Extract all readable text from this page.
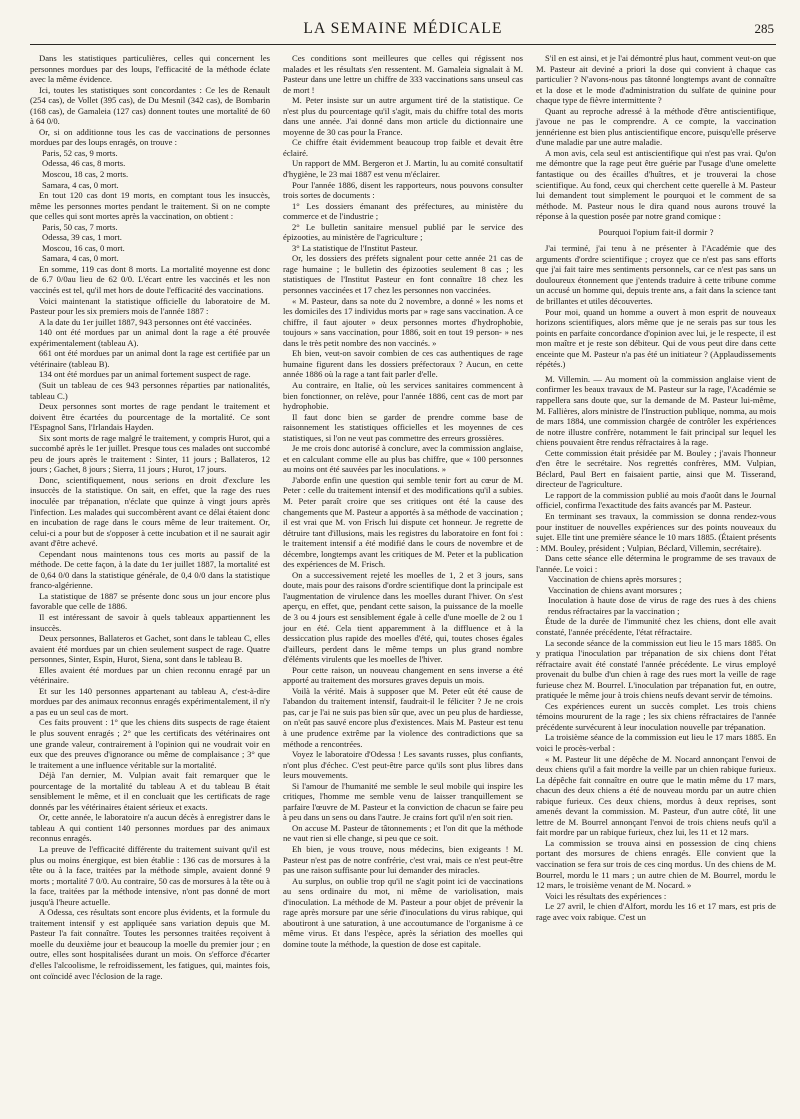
LA SEMAINE MÉDICALE	285

Dans les statistiques particulières, celles qui concernent les personnes mordues par des loups, l'efficacité de la méthode éclate avec la même évidence.

Ici, toutes les statistiques sont concordantes : Ce les de Renault (254 cas), de Vollet (395 cas), de Du Mesnil (342 cas), de Bombarin (168 cas), de Gamaleia (127 cas) donnent toutes une mortalité de 60 à 64 0/0.

Or, si on additionne tous les cas de vaccinations de personnes mordues par des loups enragés, on trouve :

Paris, 52 cas, 9 morts.

Odessa, 46 cas, 8 morts.

Moscou, 18 cas, 2 morts.

Samara, 4 cas, 0 mort.

En tout 120 cas dont 19 morts, en comptant tous les insuccès, même les personnes mortes pendant le traitement. Si on ne compte que celles qui sont mortes après la vaccination, on obtient :

Paris, 50 cas, 7 morts.

Odessa, 39 cas, 1 mort.

Moscou, 16 cas, 0 mort.

Samara, 4 cas, 0 mort.

En somme, 119 cas dont 8 morts. La mortalité moyenne est donc de 6.7 0/0au lieu de 62 0/0. L'écart entre les vaccinés et les non vaccinés est tel, qu'il met hors de doute l'efficacité des vaccinations.

Voici maintenant la statistique officielle du laboratoire de M. Pasteur pour les six premiers mois de l'année 1887 :

A la date du 1er juillet 1887, 943 personnes ont été vaccinées.

140 ont été mordues par un animal dont la rage a été prouvée expérimentalement (tableau A).

661 ont été mordues par un animal dont la rage est certifiée par un vétérinaire (tableau B).

134 ont été mordues par un animal fortement suspect de rage.

(Suit un tableau de ces 943 personnes réparties par nationalités, tableau C.)

Deux personnes sont mortes de rage pendant le traitement et doivent être écartées du pourcentage de la mortalité. Ce sont l'Espagnol Sans, l'Irlandais Hayden.

Six sont morts de rage malgré le traitement, y compris Hurot, qui a succombé après le 1er juillet. Presque tous ces malades ont succombé peu de jours après le traitement : Sinter, 11 jours ; Ballateros, 12 jours ; Gachet, 8 jours ; Sierra, 11 jours ; Hurot, 17 jours.

Donc, scientifiquement, nous serions en droit d'exclure les insuccès de la statistique. On sait, en effet, que la rage des rues inoculée par trépanation, n'éclate que quinze à vingt jours après l'infection. Les malades qui succombèrent avant ce délai étaient donc en incubation de rage dans le cours même de leur traitement. Or, celui-ci a pour but de s'opposer à cette incubation et il ne saurait agir avant d'être achevé.

Cependant nous maintenons tous ces morts au passif de la méthode. De cette façon, à la date du 1er juillet 1887, la mortalité est de 0,64 0/0 dans la statistique générale, de 0,4 0/0 dans la statistique franco-algérienne.

La statistique de 1887 se présente donc sous un jour encore plus favorable que celle de 1886.

Il est intéressant de savoir à quels tableaux appartiennent les insuccès.

Deux personnes, Ballateros et Gachet, sont dans le tableau C, elles avaient été mordues par un chien seulement suspect de rage. Quatre personnes, Sinter, Espin, Hurot, Siena, sont dans le tableau B.

Elles avaient été mordues par un chien reconnu enragé par un vétérinaire.

Et sur les 140 personnes appartenant au tableau A, c'est-à-dire mordues par des animaux reconnus enragés expérimentalement, il n'y a pas eu un seul cas de mort.

Ces faits prouvent : 1° que les chiens dits suspects de rage étaient le plus souvent enragés ; 2° que les certificats des vétérinaires ont une grande valeur, contrairement à l'opinion qui ne voudrait voir en eux que des preuves d'ignorance ou même de complaisance ; 3° que le traitement a une influence véritable sur la mortalité.

Déjà l'an dernier, M. Vulpian avait fait remarquer que le pourcentage de la mortalité du tableau A et du tableau B était sensiblement le même, et il en concluait que les certificats de rage donnés par les vétérinaires étaient sérieux et exacts.

Or, cette année, le laboratoire n'a aucun décès à enregistrer dans le tableau A qui contient 140 personnes mordues par des animaux reconnus enragés.

La preuve de l'efficacité différente du traitement suivant qu'il est plus ou moins énergique, est bien établie : 136 cas de morsures à la tête ou à la face, traitées par la méthode simple, avaient donné 9 morts ; mortalité 7 0/0. Au contraire, 50 cas de morsures à la tête ou à la face, traitées par la méthode intensive, n'ont pas donné de mort jusqu'à l'heure actuelle.

A Odessa, ces résultats sont encore plus évidents, et la formule du traitement intensif y est appliquée sans variation depuis que M. Pasteur l'a fait connaître. Toutes les personnes traitées reçoivent à moelle du deuxième jour et beaucoup la moelle du premier jour ; en outre, elles sont hospitalisées durant un mois. On s'efforce d'écarter d'elles l'alcoolisme, le refroidissement, les fatigues, qui, maintes fois, ont coïncidé avec l'éclosion de la rage.

Ces conditions sont meilleures que celles qui régissent nos malades et les résultats s'en ressentent. M. Gamaleia signalait à M. Pasteur dans une lettre un chiffre de 333 vaccinations sans unseul cas de mort !

M. Peter insiste sur un autre argument tiré de la statistique. Ce n'est plus du pourcentage qu'il s'agit, mais du chiffre total des morts dans une année. J'ai donné dans mon article du dictionnaire une moyenne de 30 cas pour la France.

Ce chiffre était évidemment beaucoup trop faible et devait être éclairé.

Un rapport de MM. Bergeron et J. Martin, lu au comité consultatif d'hygiène, le 23 mai 1887 est venu m'éclairer.

Pour l'année 1886, disent les rapporteurs, nous pouvons consulter trois sortes de documents :

1° Les dossiers émanant des préfectures, au ministère du commerce et de l'industrie ;

2° Le bulletin sanitaire mensuel publié par le service des épizooties, au ministère de l'agriculture ;

3° La statistique de l'Institut Pasteur.

Or, les dossiers des préfets signalent pour cette année 21 cas de rage humaine ; le bulletin des épizooties seulement 8 cas ; les statistiques de l'Institut Pasteur en font connaître 18 chez les personnes vaccinées et 17 chez les personnes non vaccinées.

« M. Pasteur, dans sa note du 2 novembre, a donné » les noms et les domiciles des 17 individus morts par » rage sans vaccination. A ce chiffre, il faut ajouter » deux personnes mortes d'hydrophobie, toujours » sans vaccination, pour 1886, soit en tout 19 person- » nes dans le très petit nombre des non vaccinés. »

Eh bien, veut-on savoir combien de ces cas authentiques de rage humaine figurent dans les dossiers préfectoraux ? Aucun, en cette année 1886 où la rage a tant fait parler d'elle.

Au contraire, en Italie, où les services sanitaires commencent à bien fonctionner, on relève, pour l'année 1886, cent cas de mort par hydrophobie.

Il faut donc bien se garder de prendre comme base de raisonnement les statistiques officielles et les moyennes de ces statistiques, si l'on ne veut pas commettre des erreurs grossières.

Je me crois donc autorisé à conclure, avec la commission anglaise, et en calculant comme elle au plus bas chiffre, que « 100 personnes au moins ont été sauvées par les inoculations. »

J'aborde enfin une question qui semble tenir fort au cœur de M. Peter : celle du traitement intensif et des modifications qu'il a subies. M. Peter paraît croire que ses critiques ont été la cause des changements que M. Pasteur a apportés à sa méthode de vaccination ; il est vrai que M. von Frisch lui dispute cet honneur. Je regrette de détruire tant d'illusions, mais les registres du laboratoire en font foi : le traitement intensif a été modifié dans le cours de novembre et de décembre, longtemps avant les critiques de M. Peter et la publication des expériences de M. Frisch.

On a successivement rejeté les moelles de 1, 2 et 3 jours, sans doute, mais pour des raisons d'ordre scientifique dont la principale est l'augmentation de virulence dans les moelles durant l'hiver. On s'est aperçu, en effet, que, pendant cette saison, la puissance de la moelle de 3 ou 4 jours est sensiblement égale à celle d'une moelle de 2 ou 1 jour en été. Cela tient apparemment à la diffluence et à la dessiccation plus rapide des moelles d'été, qui, toutes choses égales d'ailleurs, perdent dans le même temps un plus grand nombre d'éléments virulents que les moelles de l'hiver.

Pour cette raison, un nouveau changement en sens inverse a été apporté au traitement des morsures graves depuis un mois.

Voilà la vérité. Mais à supposer que M. Peter eût été cause de l'abandon du traitement intensif, faudrait-il le féliciter ? Je ne crois pas, car je l'ai ne suis pas bien sûr que, avec un peu plus de hardiesse, on n'eût pas sauvé encore plus d'existences. Mais M. Pasteur est tenu à une prudence extrême par la violence des contradictions que sa méthode a rencontrées.

Voyez le laboratoire d'Odessa ! Les savants russes, plus confiants, n'ont plus d'échec. C'est peut-être parce qu'ils sont plus libres dans leurs mouvements.

Si l'amour de l'humanité me semble le seul mobile qui inspire les critiques, l'homme me semble venu de laisser tranquillement se parfaire l'œuvre de M. Pasteur et la conviction de chacun se faire peu à peu dans un sens ou dans l'autre. Je crains fort qu'il n'en soit rien.

On accuse M. Pasteur de tâtonnements ; et l'on dit que la méthode ne vaut rien si elle change, si peu que ce soit.

Eh bien, je vous trouve, nous médecins, bien exigeants ! M. Pasteur n'est pas de notre confrérie, c'est vrai, mais ce n'est peut-être pas une raison suffisante pour lui demander des miracles.

Au surplus, on oublie trop qu'il ne s'agit point ici de vaccinations au sens ordinaire du mot, ni même de variolisation, mais d'inoculation. La méthode de M. Pasteur a pour objet de prévenir la rage après morsure par une série d'inoculations du virus rabique, qui aboutiront à une saturation, à une accoutumance de l'organisme à ce même virus. Et dans l'espèce, après la sériation des moelles qui domine toute la méthode, la question de dose est capitale.

S'il en est ainsi, et je l'ai démontré plus haut, comment veut-on que M. Pasteur ait deviné a priori la dose qui convient à chaque cas particulier ? N'avons-nous pas tâtonné longtemps avant de connaître et la dose et le mode d'administration du sulfate de quinine pour chaque type de fièvre intermittente ?

Quant au reproche adressé à la méthode d'être antiscientifique, j'avoue ne pas le comprendre. A ce compte, la vaccination jennérienne est bien plus antiscientifique encore, puisqu'elle préserve d'une maladie par une autre maladie.

A mon avis, cela seul est antiscientifique qui n'est pas vrai. Qu'on me démontre que la rage peut être guérie par l'usage d'une omelette fantastique ou des écailles d'huîtres, et je trouverai la chose scientifique. Au fond, ceux qui cherchent cette querelle à M. Pasteur lui demandent tout simplement le pourquoi et le comment de sa méthode. M. Pasteur nous le dira quand nous aurons trouvé la réponse à la question posée par notre grand comique :

Pourquoi l'opium fait-il dormir ?

J'ai terminé, j'ai tenu à ne présenter à l'Académie que des arguments d'ordre scientifique ; croyez que ce n'est pas sans efforts que j'ai fait taire mes sentiments personnels, car ce n'est pas sans un douloureux étonnement que j'entends traduire à cette tribune comme un accusé un homme qui, depuis trente ans, a fait dans la science tant de brillantes et utiles découvertes.

Pour moi, quand un homme a ouvert à mon esprit de nouveaux horizons scientifiques, alors même que je ne serais pas sur tous les points en parfaite concordance d'opinion avec lui, je le respecte, il est mon maître et je reste son débiteur. Qui de vous peut dire dans cette enceinte que M. Pasteur n'a pas été un initiateur ? (Applaudissements répétés.)

M. Villemin. — Au moment où la commission anglaise vient de confirmer les beaux travaux de M. Pasteur sur la rage, l'Académie se rappellera sans doute que, sur la demande de M. Pasteur lui-même, M. Fallières, alors ministre de l'Instruction publique, nomma, au mois de mars 1884, une commission chargée de contrôler les expériences de notre illustre confrère, notamment le fait principal sur lequel les chiens pouvaient être rendus réfractaires à la rage.

Cette commission était présidée par M. Bouley ; j'avais l'honneur d'en être le secrétaire. Nos regrettés confrères, MM. Vulpian, Béclard, Paul Bert en faisaient partie, ainsi que M. Tisserand, directeur de l'agriculture.

Le rapport de la commission publié au mois d'août dans le Journal officiel, confirma l'exactitude des faits avancés par M. Pasteur.

En terminant ses travaux, la commission se donna rendez-vous pour instituer de nouvelles expériences sur des points nouveaux du sujet. Elle tint une première séance le 10 mars 1885. (Étaient présents : MM. Bouley, président ; Vulpian, Béclard, Villemin, secrétaire).

Dans cette séance elle détermina le programme de ses travaux de l'année. Le voici :

Vaccination de chiens après morsures ;

Vaccination de chiens avant morsures ;

Inoculation à haute dose de virus de rage des rues à des chiens rendus réfractaires par la vaccination ;

Étude de la durée de l'immunité chez les chiens, dont elle avait constaté, l'année précédente, l'état réfractaire.

La seconde séance de la commission eut lieu le 15 mars 1885. On y pratiqua l'inoculation par trépanation de six chiens dont l'état réfractaire avait été constaté l'année précédente. Le virus employé provenait du bulbe d'un chien à rage des rues mort la veille de rage furieuse chez M. Bourrel. L'inoculation par trépanation fut, en outre, pratiquée le même jour à trois chiens neufs devant servir de témoins.

Ces expériences eurent un succès complet. Les trois chiens témoins moururent de la rage ; les six chiens réfractaires de l'année précédente survécurent à leur inoculation nouvelle par trépanation.

La troisième séance de la commission eut lieu le 17 mars 1885. En voici le procès-verbal :

« M. Pasteur lit une dépêche de M. Nocard annonçant l'envoi de deux chiens qu'il a fait mordre la veille par un chien rabique furieux. La dépêche fait connaître en outre que le matin même du 17 mars, chacun des deux chiens a été de nouveau mordu par un autre chien rabique furieux. Ces deux chiens, mordus à deux reprises, sont amenés devant la commission. M. Pasteur, d'un autre côté, lit une lettre de M. Bourrel annonçant l'envoi de trois chiens neufs qu'il a fait mordre par un rabique furieux, chez lui, les 11 et 12 mars.

La commission se trouva ainsi en possession de cinq chiens portant des morsures de chiens enragés. Elle convient que la vaccination se fera sur trois de ces cinq mordus. Un des chiens de M. Bourrel, mordu le 11 mars ; un autre chien de M. Bourrel, mordu le 12 mars, le troisième venant de M. Nocard. »

Voici les résultats des expériences :

Le 27 avril, le chien d'Alfort, mordu les 16 et 17 mars, est pris de rage avec voix rabique. C'est un
